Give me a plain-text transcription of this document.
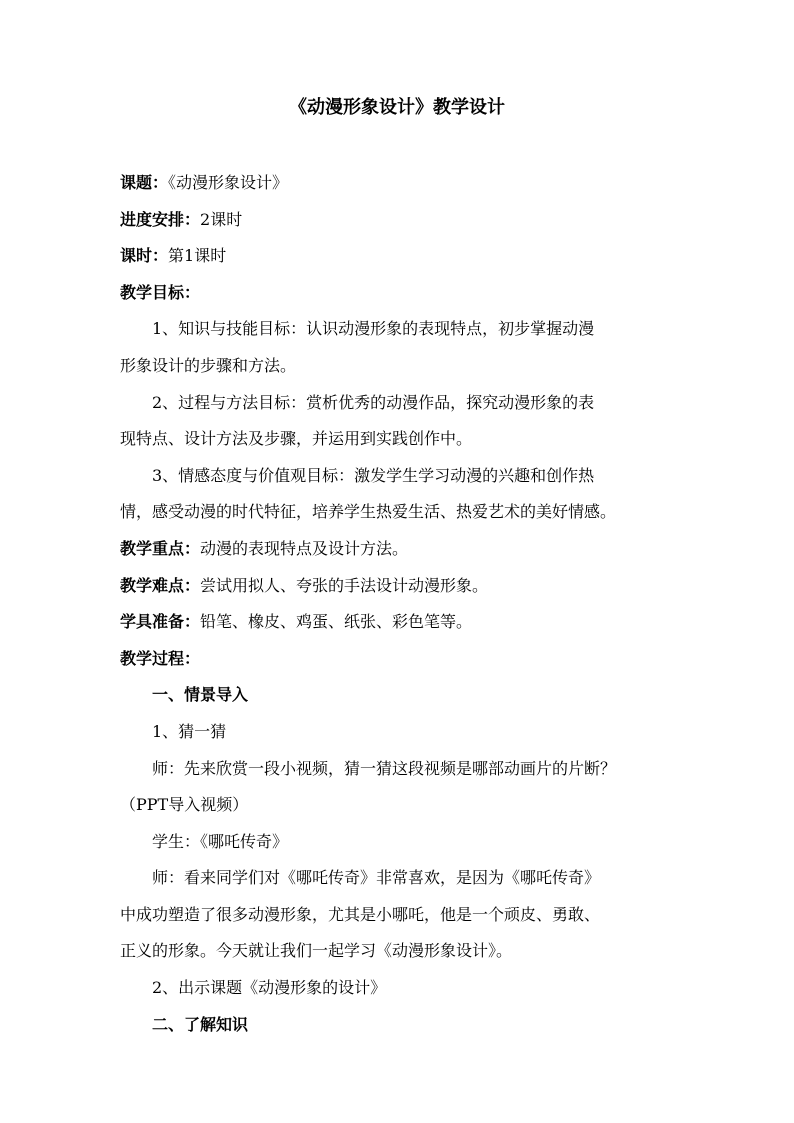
《动漫形象设计》教学设计
课题：《动漫形象设计》
进度安排：2课时
课时：第1课时
教学目标：
1、知识与技能目标：认识动漫形象的表现特点，初步掌握动漫
形象设计的步骤和方法。
2、过程与方法目标：赏析优秀的动漫作品，探究动漫形象的表
现特点、设计方法及步骤，并运用到实践创作中。
3、情感态度与价值观目标：激发学生学习动漫的兴趣和创作热
情，感受动漫的时代特征，培养学生热爱生活、热爱艺术的美好情感。
教学重点：动漫的表现特点及设计方法。
教学难点：尝试用拟人、夸张的手法设计动漫形象。
学具准备：铅笔、橡皮、鸡蛋、纸张、彩色笔等。
教学过程：
一、情景导入
1、猜一猜
师：先来欣赏一段小视频，猜一猜这段视频是哪部动画片的片断？
（PPT导入视频）
学生：《哪吒传奇》
师：看来同学们对《哪吒传奇》非常喜欢，是因为《哪吒传奇》
中成功塑造了很多动漫形象，尤其是小哪吒，他是一个顽皮、勇敢、
正义的形象。今天就让我们一起学习《动漫形象设计》。
2、出示课题《动漫形象的设计》
二、了解知识
